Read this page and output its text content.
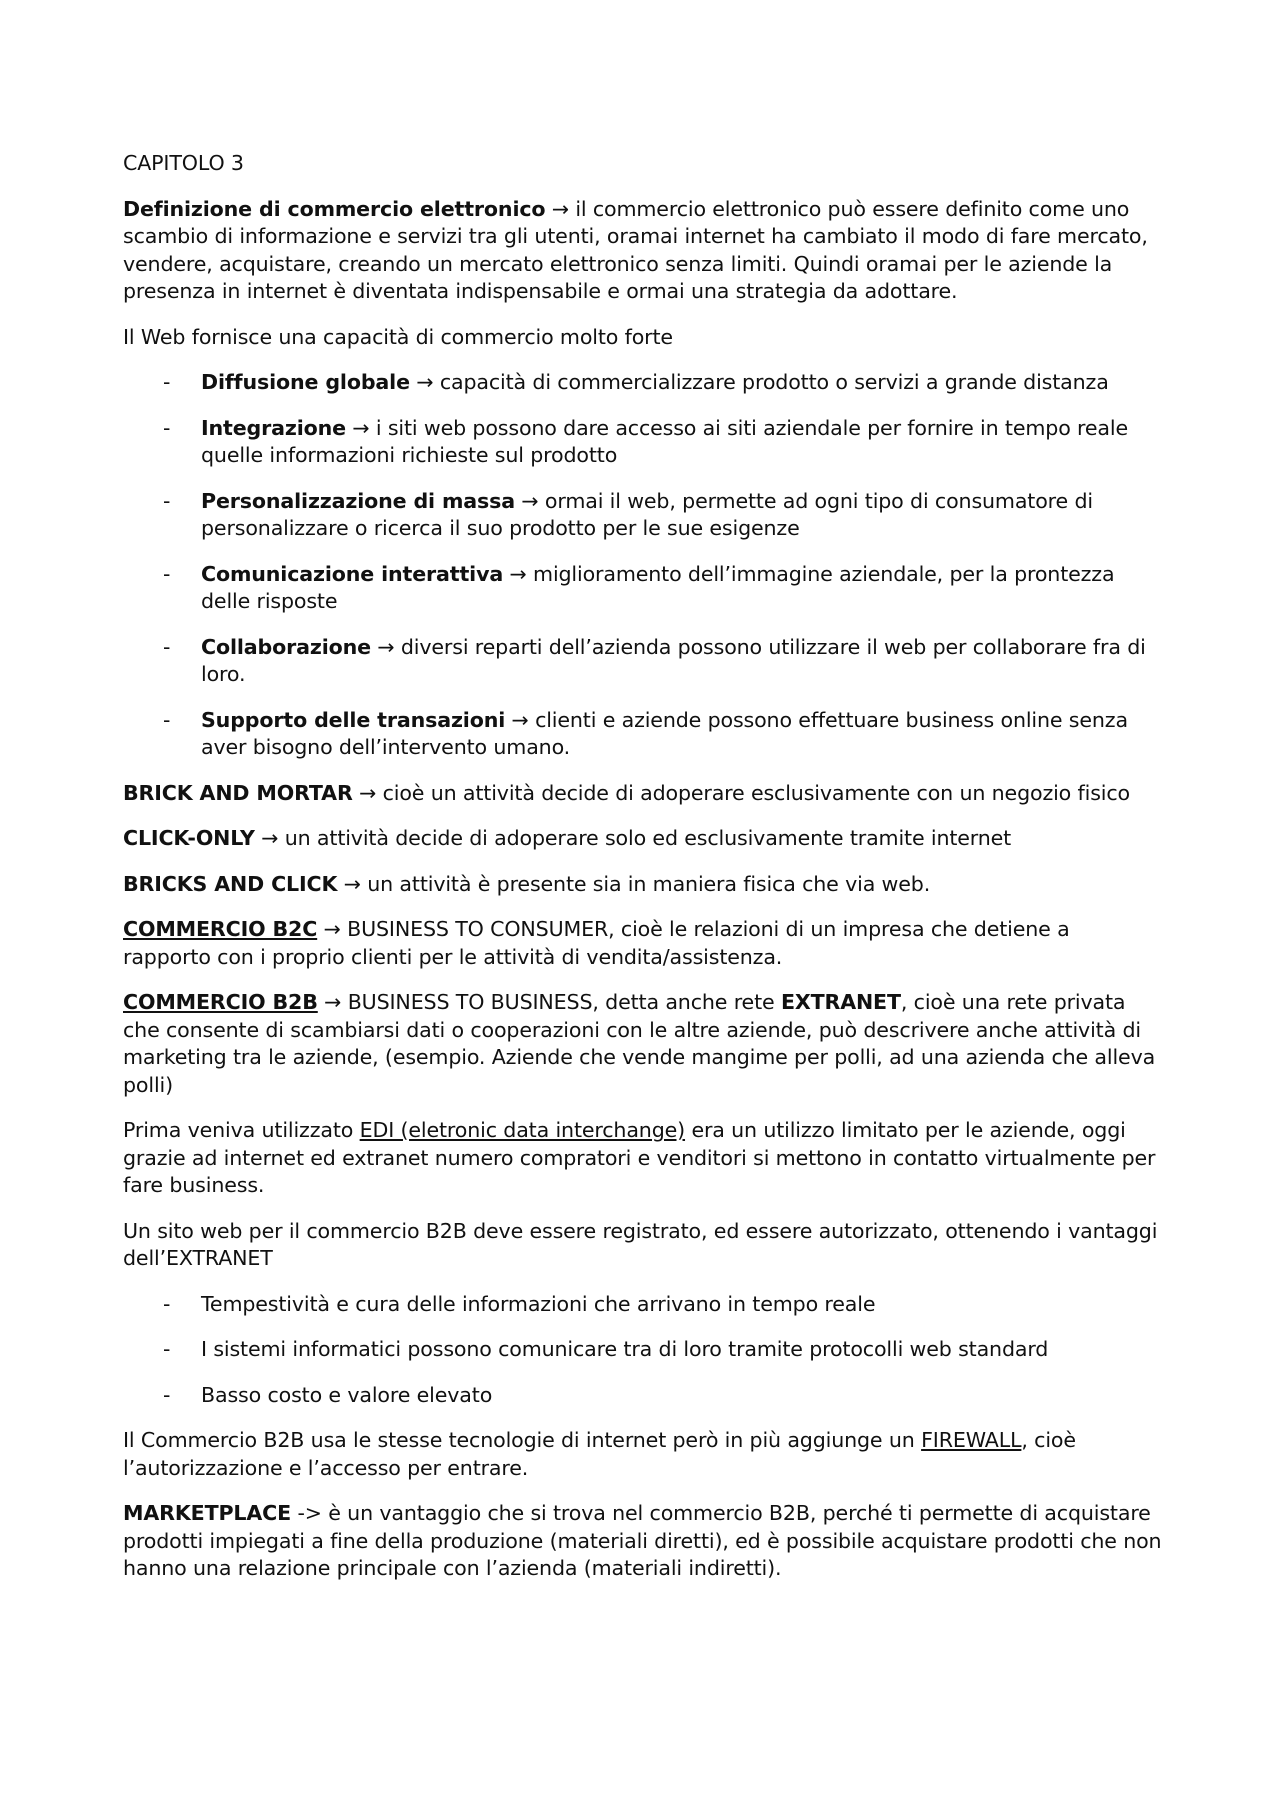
CAPITOLO 3

Definizione di commercio elettronico → il commercio elettronico può essere definito come uno scambio di informazione e servizi tra gli utenti, oramai internet ha cambiato il modo di fare mercato, vendere, acquistare, creando un mercato elettronico senza limiti. Quindi oramai per le aziende la presenza in internet è diventata indispensabile e ormai una strategia da adottare.

Il Web fornisce una capacità di commercio molto forte

- Diffusione globale → capacità di commercializzare prodotto o servizi a grande distanza
- Integrazione → i siti web possono dare accesso ai siti aziendale per fornire in tempo reale quelle informazioni richieste sul prodotto
- Personalizzazione di massa → ormai il web, permette ad ogni tipo di consumatore di personalizzare o ricerca il suo prodotto per le sue esigenze
- Comunicazione interattiva → miglioramento dell’immagine aziendale, per la prontezza delle risposte
- Collaborazione → diversi reparti dell’azienda possono utilizzare il web per collaborare fra di loro.
- Supporto delle transazioni → clienti e aziende possono effettuare business online senza aver bisogno dell’intervento umano.

BRICK AND MORTAR → cioè un attività decide di adoperare esclusivamente con un negozio fisico

CLICK-ONLY → un attività decide di adoperare solo ed esclusivamente tramite internet

BRICKS AND CLICK → un attività è presente sia in maniera fisica che via web.

COMMERCIO B2C → BUSINESS TO CONSUMER, cioè le relazioni di un impresa che detiene a rapporto con i proprio clienti per le attività di vendita/assistenza.

COMMERCIO B2B → BUSINESS TO BUSINESS, detta anche rete EXTRANET, cioè una rete privata che consente di scambiarsi dati o cooperazioni con le altre aziende, può descrivere anche attività di marketing tra le aziende, (esempio. Aziende che vende mangime per polli, ad una azienda che alleva polli)

Prima veniva utilizzato EDI (eletronic data interchange) era un utilizzo limitato per le aziende, oggi grazie ad internet ed extranet numero compratori e venditori si mettono in contatto virtualmente per fare business.

Un sito web per il commercio B2B deve essere registrato, ed essere autorizzato, ottenendo i vantaggi dell’EXTRANET

- Tempestività e cura delle informazioni che arrivano in tempo reale
- I sistemi informatici possono comunicare tra di loro tramite protocolli web standard
- Basso costo e valore elevato

Il Commercio B2B usa le stesse tecnologie di internet però in più aggiunge un FIREWALL, cioè l’autorizzazione e l’accesso per entrare.

MARKETPLACE -> è un vantaggio che si trova nel commercio B2B, perché ti permette di acquistare prodotti impiegati a fine della produzione (materiali diretti), ed è possibile acquistare prodotti che non hanno una relazione principale con l’azienda (materiali indiretti).
